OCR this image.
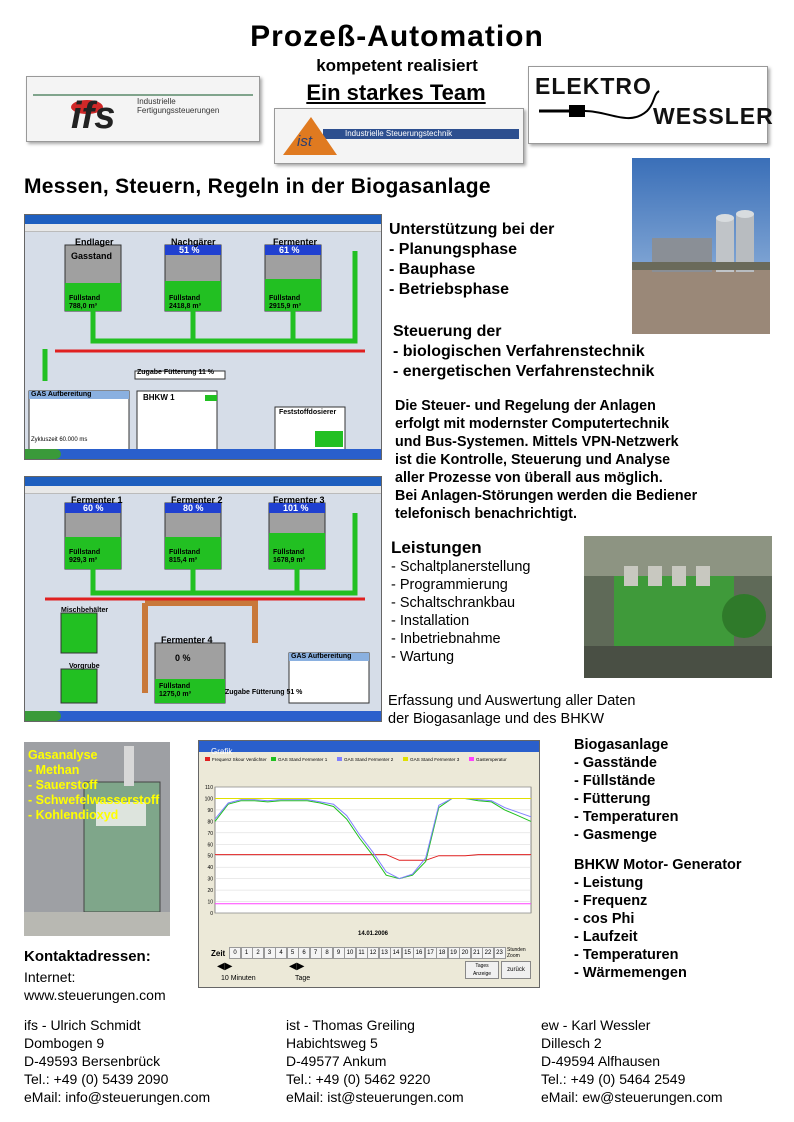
Prozeß-Automation
kompetent realisiert
Ein starkes Team
ifs	Industrielle Fertigungssteuerungen
ist	Industrielle Steuerungstechnik
ELEKTRO
WESSLER
Messen, Steuern, Regeln in der Biogasanlage
Endlager	Nachgärer	Fermenter
Gasstand
51 %	61 %
Füllstand
788,0 m³
Füllstand
2418,8 m³
Füllstand
2915,9 m³
Zugabe Fütterung 11 %
GAS Aufbereitung	BHKW 1
Feststoffdosierer
Zykluszeit 60.000 ms
Unterstützung bei der
- Planungsphase
- Bauphase
- Betriebsphase
Steuerung der
- biologischen Verfahrenstechnik
- energetischen Verfahrenstechnik
Die Steuer- und Regelung der Anlagen
erfolgt mit modernster Computertechnik
und Bus-Systemen. Mittels VPN-Netzwerk
ist die Kontrolle, Steuerung und Analyse
aller Prozesse von überall aus möglich.
Bei Anlagen-Störungen werden die Bediener
telefonisch benachrichtigt.
Fermenter 1	Fermenter 2	Fermenter 3
Fermenter 4
60 %	80 %	101 %
0 %
Füllstand
929,3 m³
Füllstand
815,4 m³
Füllstand
1678,9 m³
Füllstand
1275,0 m³
Mischbehälter
Vorgrube
GAS Aufbereitung
Zugabe Fütterung 51 %
Leistungen
- Schaltplanerstellung
- Programmierung
- Schaltschrankbau
- Installation
- Inbetriebnahme
- Wartung
Erfassung und Auswertung aller Daten
der Biogasanlage und des BHKW
Gasanalyse
- Methan
- Sauerstoff
- Schwefelwasserstoff
- Kohlendioxyd
Grafik
0
10
20
30
40
50
60
70
80
90
100
110
Frequenz Skour Verdichter GAS Stand Fermenter 1	GAS Stand Fermenter 2	GAS Stand Fermenter 3	Gastemperatur
14.01.2006
Zeit	0	1	2	3	4	5	6	7	8	9	10 11 12 13 14 15 16 17 18 19 20 21 22 23 Stunden Zoom
◀▶
10 Minuten
◀▶
Tage
Tages Anzeige
zurück
Biogasanlage
- Gasstände
- Füllstände
- Fütterung
- Temperaturen
- Gasmenge
BHKW Motor- Generator
- Leistung
- Frequenz
- cos Phi
- Laufzeit
- Temperaturen
- Wärmemengen
Kontaktadressen:
Internet:
www.steuerungen.com
ifs - Ulrich Schmidt
Dombogen 9
D-49593 Bersenbrück
Tel.: +49 (0) 5439 2090
eMail: info@steuerungen.com
ist - Thomas Greiling
Habichtsweg 5
D-49577 Ankum
Tel.: +49 (0) 5462 9220
eMail: ist@steuerungen.com
ew - Karl Wessler
Dillesch 2
D-49594 Alfhausen
Tel.: +49 (0) 5464 2549
eMail: ew@steuerungen.com
